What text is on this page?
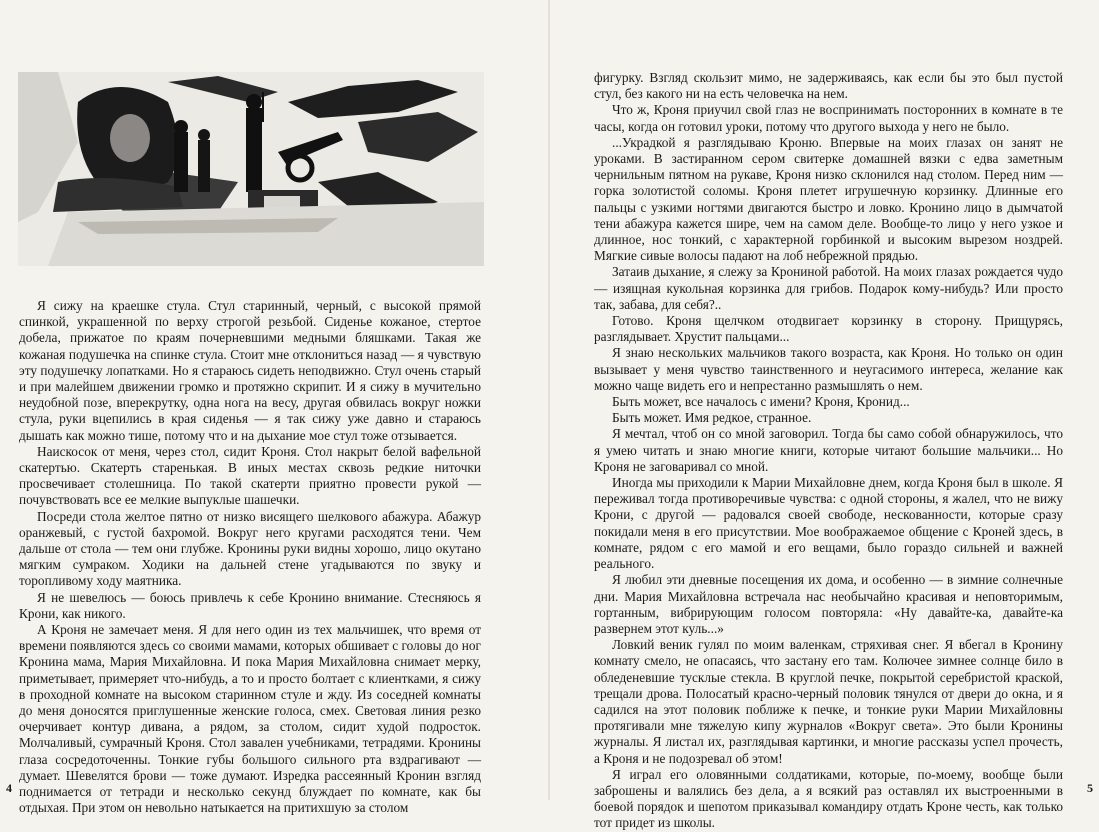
Я сижу на краешке стула. Стул старинный, черный, с высокой прямой спинкой, украшенной по верху строгой резьбой. Сиденье кожаное, стертое добела, прижатое по краям почерневшими медными бляшками. Такая же кожаная подушечка на спинке стула. Стоит мне отклониться назад — я чувствую эту подушечку лопатками. Но я стараюсь сидеть неподвижно. Стул очень старый и при малейшем движении громко и протяжно скрипит. И я сижу в мучительно неудобной позе, вперекрутку, одна нога на весу, другая обвилась вокруг ножки стула, руки вцепились в края сиденья — я так сижу уже давно и стараюсь дышать как можно тише, потому что и на дыхание мое стул тоже отзывается.

Наискосок от меня, через стол, сидит Кроня. Стол накрыт белой вафельной скатертью. Скатерть старенькая. В иных местах сквозь редкие ниточки просвечивает столешница. По такой скатерти приятно провести рукой — почувствовать все ее мелкие выпуклые шашечки.

Посреди стола желтое пятно от низко висящего шелкового абажура. Абажур оранжевый, с густой бахромой. Вокруг него кругами расходятся тени. Чем дальше от стола — тем они глубже. Кронины руки видны хорошо, лицо окутано мягким сумраком. Ходики на дальней стене угадываются по звуку и торопливому ходу маятника.

Я не шевелюсь — боюсь привлечь к себе Кронино внимание. Стесняюсь я Крони, как никого.

А Кроня не замечает меня. Я для него один из тех мальчишек, что время от времени появляются здесь со своими мамами, которых обшивает с головы до ног Кронина мама, Мария Михайловна. И пока Мария Михайловна снимает мерку, приметывает, примеряет что-нибудь, а то и просто болтает с клиентками, я сижу в проходной комнате на высоком старинном стуле и жду. Из соседней комнаты до меня доносятся приглушенные женские голоса, смех. Световая линия резко очерчивает контур дивана, а рядом, за столом, сидит худой подросток. Молчаливый, сумрачный Кроня. Стол завален учебниками, тетрадями. Кронины глаза сосредоточенны. Тонкие губы большого сильного рта вздрагивают — думает. Шевелятся брови — тоже думают. Изредка рассеянный Кронин взгляд поднимается от тетради и несколько секунд блуждает по комнате, как бы отдыхая. При этом он невольно натыкается на притихшую за столом

4

фигурку. Взгляд скользит мимо, не задерживаясь, как если бы это был пустой стул, без какого ни на есть человечка на нем.

Что ж, Кроня приучил свой глаз не воспринимать посторонних в комнате в те часы, когда он готовил уроки, потому что другого выхода у него не было.

...Украдкой я разглядываю Кроню. Впервые на моих глазах он занят не уроками. В застиранном сером свитерке домашней вязки с едва заметным чернильным пятном на рукаве, Кроня низко склонился над столом. Перед ним — горка золотистой соломы. Кроня плетет игрушечную корзинку. Длинные его пальцы с узкими ногтями двигаются быстро и ловко. Кронино лицо в дымчатой тени абажура кажется шире, чем на самом деле. Вообще-то лицо у него узкое и длинное, нос тонкий, с характерной горбинкой и высоким вырезом ноздрей. Мягкие сивые волосы падают на лоб небрежной прядью.

Затаив дыхание, я слежу за Крониной работой. На моих глазах рождается чудо — изящная кукольная корзинка для грибов. Подарок кому-нибудь? Или просто так, забава, для себя?..

Готово. Кроня щелчком отодвигает корзинку в сторону. Прищурясь, разглядывает. Хрустит пальцами...

Я знаю нескольких мальчиков такого возраста, как Кроня. Но только он один вызывает у меня чувство таинственного и неугасимого интереса, желание как можно чаще видеть его и непрестанно размышлять о нем.

Быть может, все началось с имени? Кроня, Кронид...

Быть может. Имя редкое, странное.

Я мечтал, чтоб он со мной заговорил. Тогда бы само собой обнаружилось, что я умею читать и знаю многие книги, которые читают большие мальчики... Но Кроня не заговаривал со мной.

Иногда мы приходили к Марии Михайловне днем, когда Кроня был в школе. Я переживал тогда противоречивые чувства: с одной стороны, я жалел, что не вижу Крони, с другой — радовался своей свободе, нескованности, которые сразу покидали меня в его присутствии. Мое воображаемое общение с Кроней здесь, в комнате, рядом с его мамой и его вещами, было гораздо сильней и важней реального.

Я любил эти дневные посещения их дома, и особенно — в зимние солнечные дни. Мария Михайловна встречала нас необычайно красивая и неповторимым, гортанным, вибрирующим голосом повторяла: «Ну давайте-ка, давайте-ка развернем этот куль...»

Ловкий веник гулял по моим валенкам, стряхивая снег. Я вбегал в Кронину комнату смело, не опасаясь, что застану его там. Колючее зимнее солнце било в обледеневшие тусклые стекла. В круглой печке, покрытой серебристой краской, трещали дрова. Полосатый красно-черный половик тянулся от двери до окна, и я садился на этот половик поближе к печке, и тонкие руки Марии Михайловны протягивали мне тяжелую кипу журналов «Вокруг света». Это были Кронины журналы. Я листал их, разглядывая картинки, и многие рассказы успел прочесть, а Кроня и не подозревал об этом!

Я играл его оловянными солдатиками, которые, по-моему, вообще были заброшены и валялись без дела, а я всякий раз оставлял их выстроенными в боевой порядок и шепотом приказывал командиру отдать Кроне честь, как только тот придет из школы.

5
